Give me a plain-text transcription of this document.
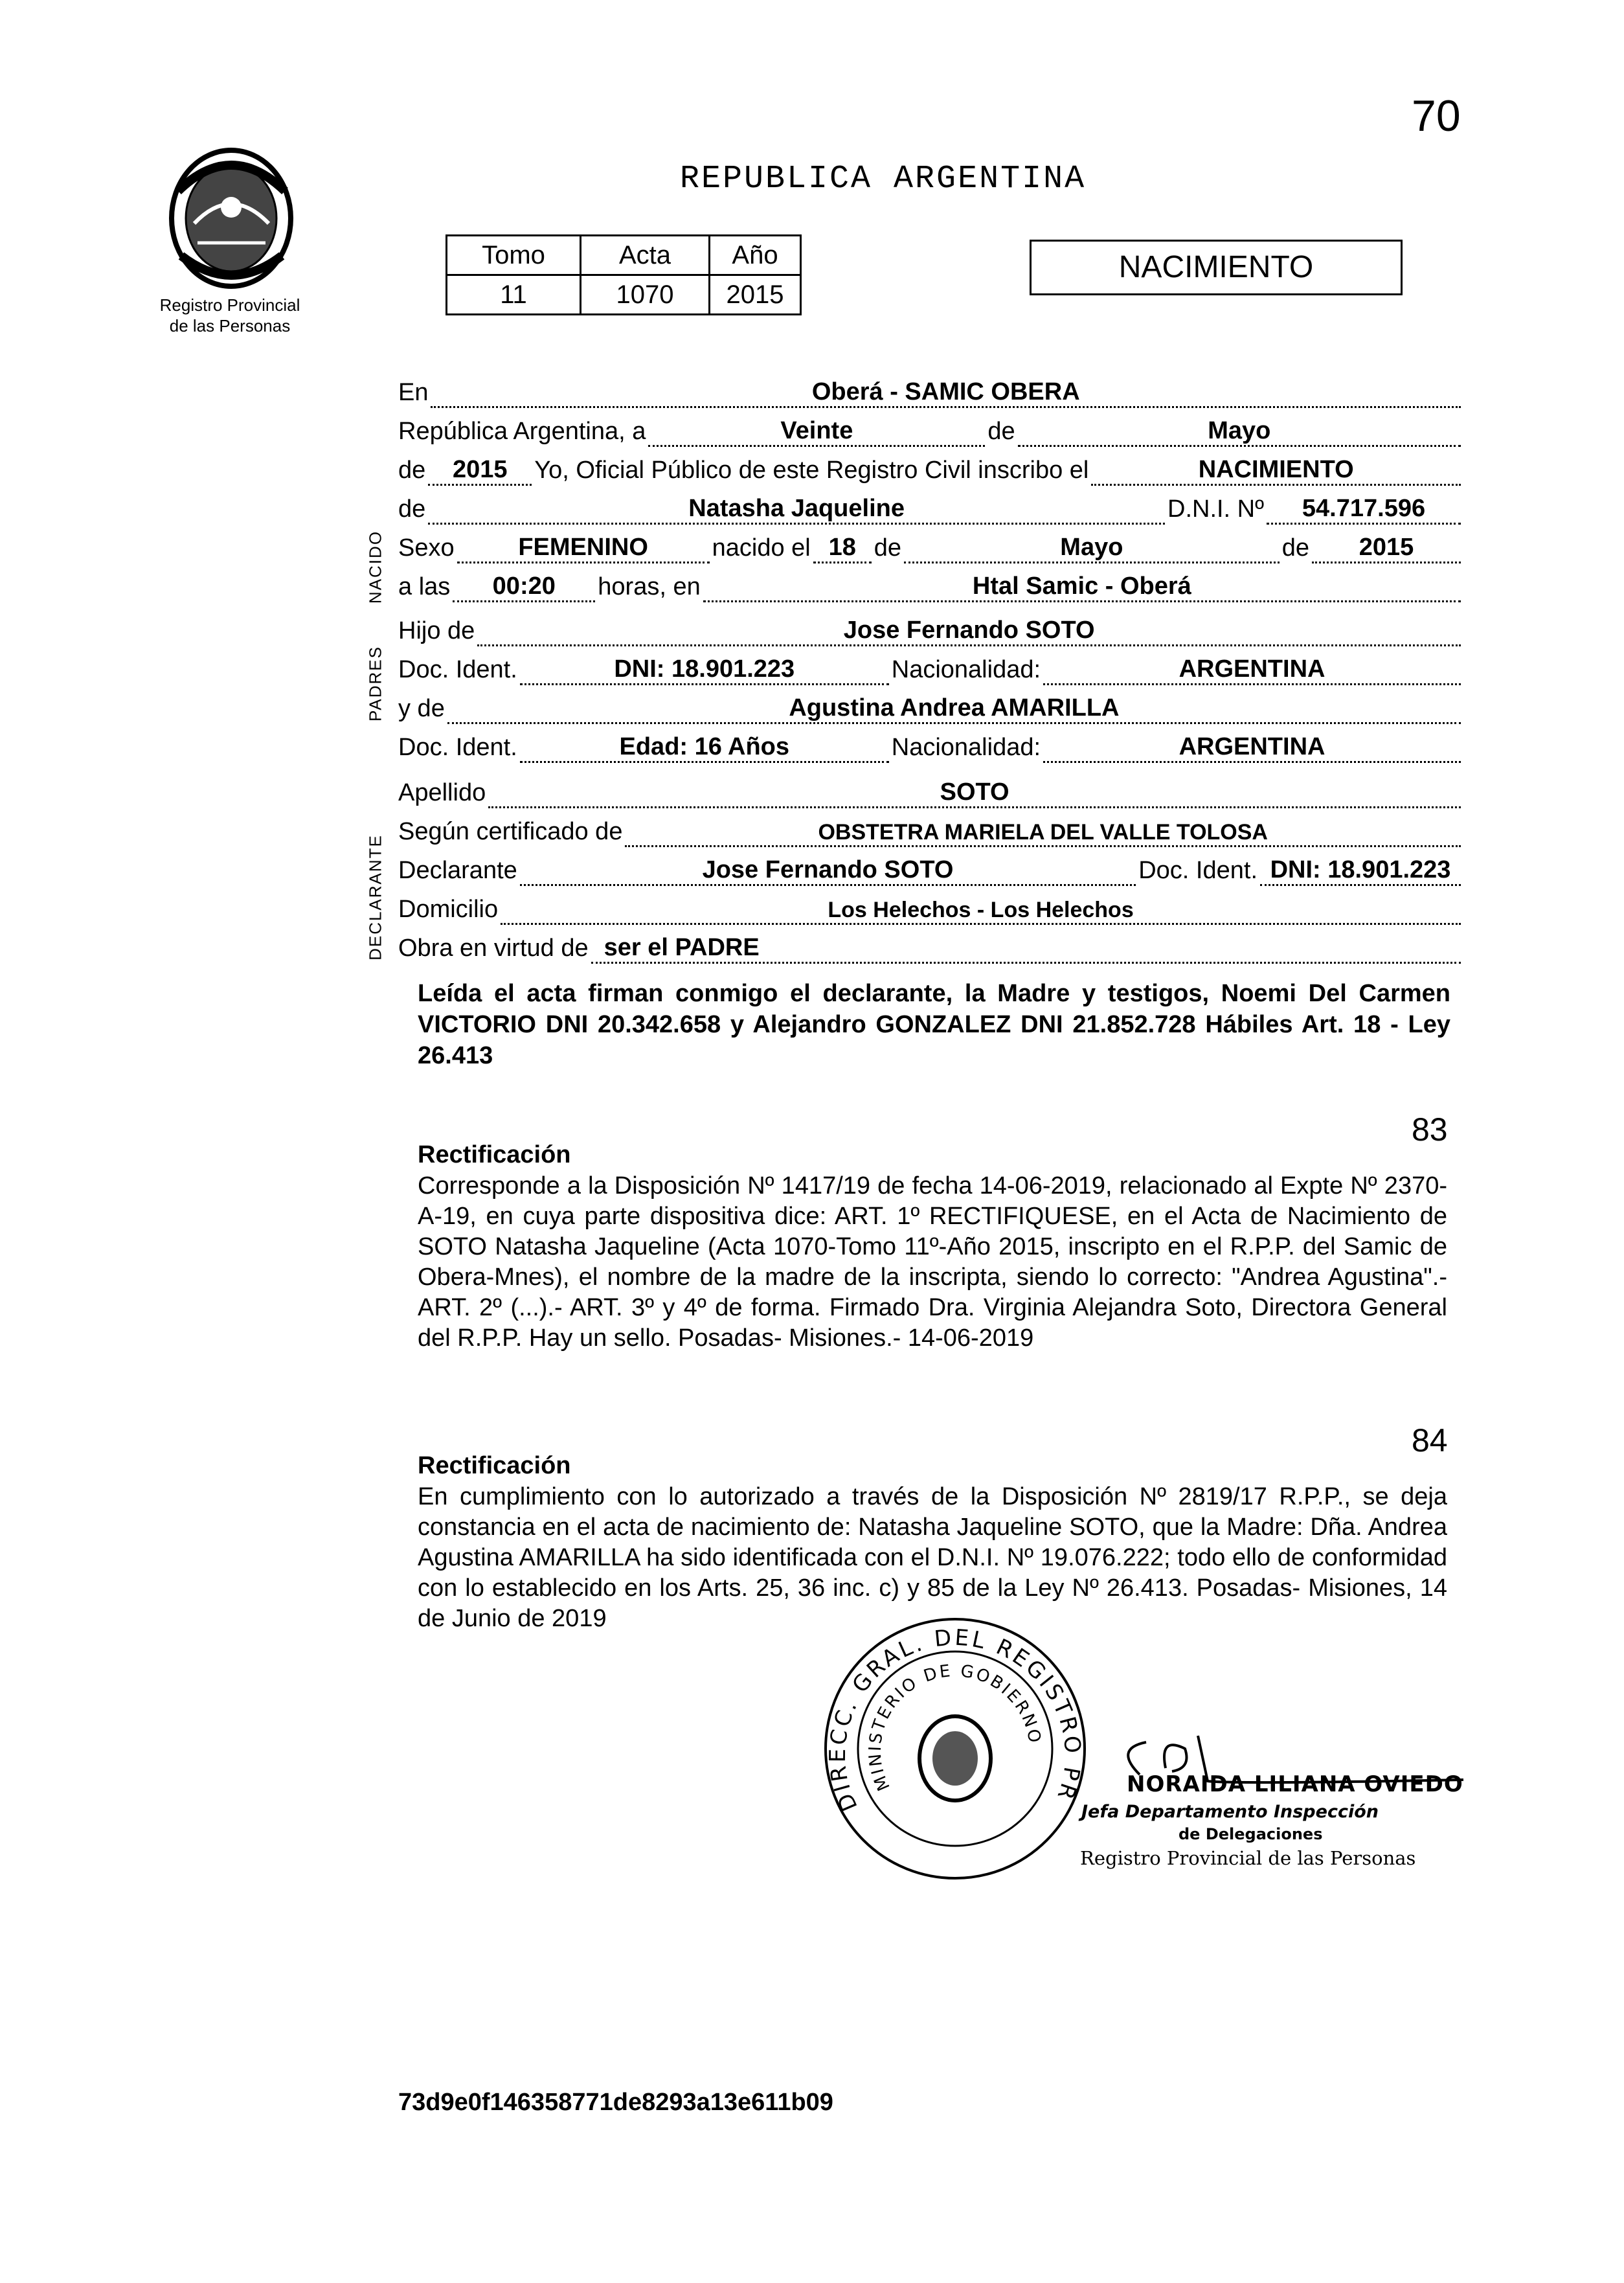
70
Registro Provincial
de las Personas
REPUBLICA ARGENTINA
Tomo	Acta	Año
11	1070	2015
NACIMIENTO
NACIDO
PADRES
DECLARANTE
En	Oberá - SAMIC OBERA
República Argentina, a	Veinte	de	Mayo
de	2015	Yo, Oficial Público de este Registro Civil inscribo el	NACIMIENTO
de	Natasha Jaqueline	D.N.I. Nº	54.717.596
Sexo	FEMENINO	nacido el 18 de	Mayo	de	2015
a las	00:20	horas, en	Htal Samic - Oberá
Hijo de	Jose Fernando SOTO
Doc. Ident.	DNI: 18.901.223	Nacionalidad:	ARGENTINA
y de	Agustina Andrea AMARILLA
Doc. Ident.	Edad: 16 Años	Nacionalidad:	ARGENTINA
Apellido	SOTO
Según certificado de	OBSTETRA MARIELA DEL VALLE TOLOSA
Declarante	Jose Fernando SOTO	Doc. Ident. DNI: 18.901.223
Domicilio	Los Helechos - Los Helechos
Obra en virtud de ser el PADRE
Leída el acta firman conmigo el declarante, la Madre y testigos, Noemi Del Carmen VICTORIO DNI 20.342.658 y Alejandro GONZALEZ DNI 21.852.728 Hábiles Art. 18 - Ley 26.413
83
Rectificación
Corresponde a la Disposición Nº 1417/19 de fecha 14-06-2019, relacionado al Expte Nº 2370-A-19, en cuya parte dispositiva dice: ART. 1º RECTIFIQUESE, en el Acta de Nacimiento de SOTO Natasha Jaqueline (Acta 1070-Tomo 11º-Año 2015, inscripto en el R.P.P. del Samic de Obera-Mnes), el nombre de la madre de la inscripta, siendo lo correcto: "Andrea Agustina".- ART. 2º (...).- ART. 3º y 4º de forma. Firmado Dra. Virginia Alejandra Soto, Directora General del R.P.P. Hay un sello. Posadas- Misiones.- 14-06-2019
84
Rectificación
En cumplimiento con lo autorizado a través de la Disposición Nº 2819/17 R.P.P., se deja constancia en el acta de nacimiento de: Natasha Jaqueline SOTO, que la Madre: Dña. Andrea Agustina AMARILLA ha sido identificada con el D.N.I. Nº 19.076.222; todo ello de conformidad con lo establecido en los Arts. 25, 36 inc. c) y 85 de la Ley Nº 26.413. Posadas- Misiones, 14 de Junio de 2019
DIRECC. GRAL. DEL REGISTRO PR
MINISTERIO DE GOBIERNO
NORAIDA LILIANA OVIEDO
Jefa Departamento Inspección
de Delegaciones
Registro Provincial de las Personas
73d9e0f146358771de8293a13e611b09
